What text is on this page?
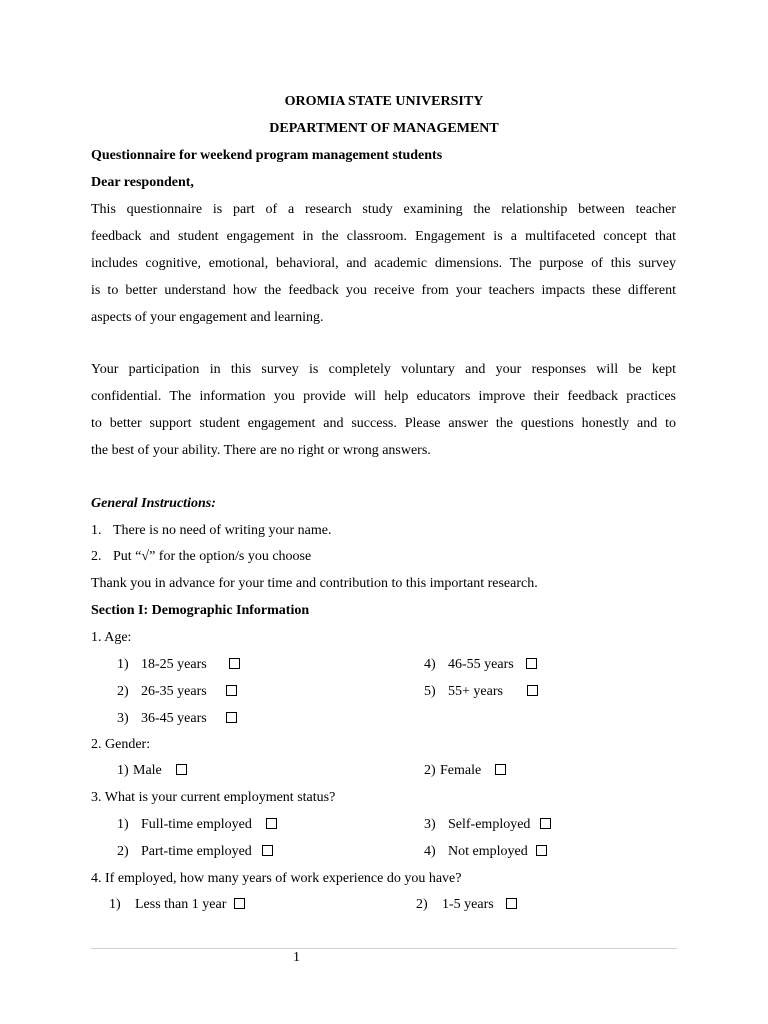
OROMIA STATE UNIVERSITY
DEPARTMENT OF MANAGEMENT
Questionnaire for weekend program management students
Dear respondent,
This questionnaire is part of a research study examining the relationship between teacher
feedback and student engagement in the classroom. Engagement is a multifaceted concept that
includes cognitive, emotional, behavioral, and academic dimensions. The purpose of this survey
is to better understand how the feedback you receive from your teachers impacts these different
aspects of your engagement and learning.
Your participation in this survey is completely voluntary and your responses will be kept
confidential. The information you provide will help educators improve their feedback practices
to better support student engagement and success. Please answer the questions honestly and to
the best of your ability. There are no right or wrong answers.
General Instructions:
1. There is no need of writing your name.
2. Put “√” for the option/s you choose
Thank you in advance for your time and contribution to this important research.
Section I: Demographic Information
1. Age:
1) 18-25 years
2) 26-35 years
3) 36-45 years
4) 46-55 years
5) 55+ years
2. Gender:
1) Male	2) Female
3. What is your current employment status?
1) Full-time employed
2) Part-time employed
3) Self-employed
4) Not employed
4. If employed, how many years of work experience do you have?
1) Less than 1 year	2) 1-5 years
1
